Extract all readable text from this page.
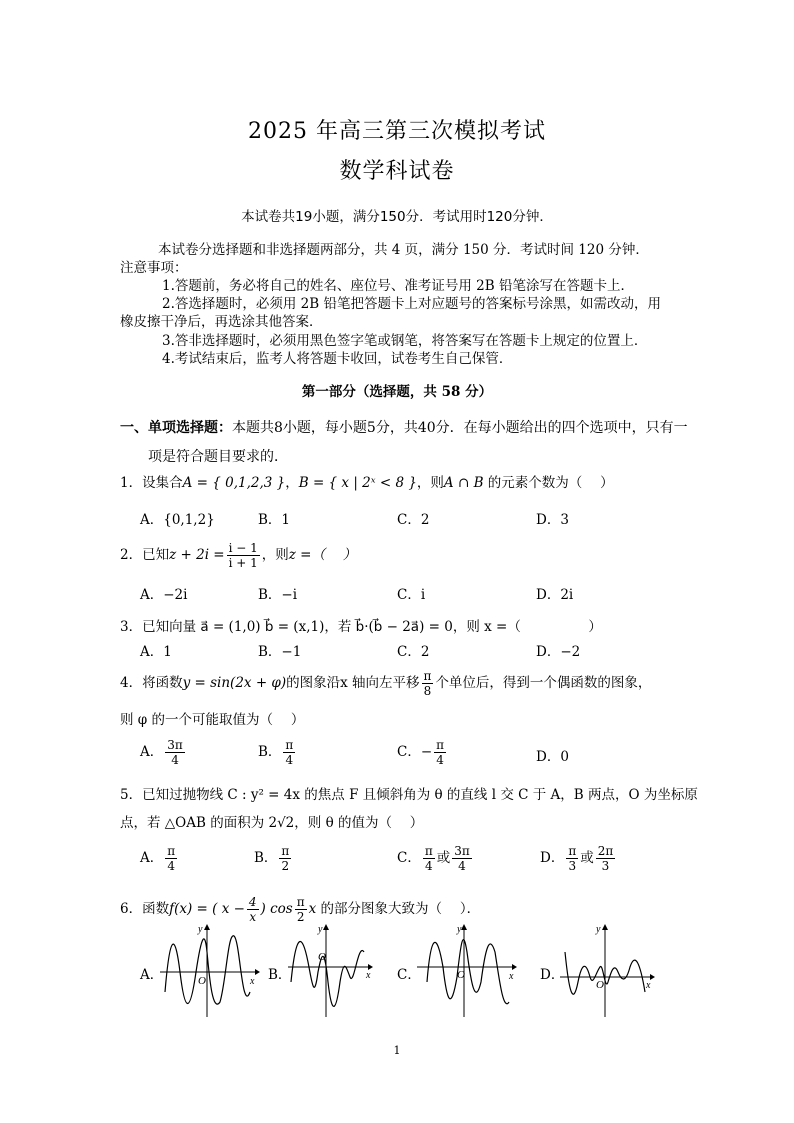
2025 年高三第三次模拟考试
数学科试卷
本试卷共19小题，满分150分．考试用时120分钟．
本试卷分选择题和非选择题两部分，共 4 页，满分 150 分．考试时间 120 分钟．
注意事项：
1.答题前，务必将自己的姓名、座位号、准考证号用 2B 铅笔涂写在答题卡上．
2.答选择题时，必须用 2B 铅笔把答题卡上对应题号的答案标号涂黑，如需改动，用
橡皮擦干净后，再选涂其他答案．
3.答非选择题时，必须用黑色签字笔或钢笔，将答案写在答题卡上规定的位置上．
4.考试结束后，监考人将答题卡收回，试卷考生自己保管．
第一部分（选择题，共 58 分）
一、单项选择题：本题共8小题，每小题5分，共40分．在每小题给出的四个选项中，只有一
项是符合题目要求的．
1．设集合A = { 0,1,2,3 }，B = { x | 2ˣ < 8 }，则A ∩ B 的元素个数为（　 ）
A．{0,1,2}	B．1	C．2	D．3
2．已知$z + 2i = \frac{i - 1}{i + 1}$ ，则z =（　 ）
A．−2i	B．−i	C．i	D．2i
3．已知向量 a⃗ = (1,0) b⃗ = (x,1)，若 b⃗·(b⃗ − 2a⃗) = 0，则 x =（　　　　　）
A．1	B．−1	C．2	D．−2
4．将函数y = sin(2x + φ)的图象沿x 轴向左平移 $\frac{\pi}{8}$ 个单位后，得到一个偶函数的图象，
则 φ 的一个可能取值为（　 ）
A． $\frac{3\pi}{4}$	B． $\frac{\pi}{4}$	C．− $\frac{\pi}{4}$	D．0
5．已知过抛物线 C : y² = 4x 的焦点 F 且倾斜角为 θ 的直线 l 交 C 于 A，B 两点，O 为坐标原
点，若 △OAB 的面积为 2√2，则 θ 的值为（　 ）
A． $\frac{\pi}{4}$	B． $\frac{\pi}{2}$	C． $\frac{\pi}{4}$ 或 $\frac{3\pi}{4}$	D． $\frac{\pi}{3}$ 或 $\frac{2\pi}{3}$
6．函数f(x) = ( $x - \frac{4}{x}$ ) $\cos \frac{\pi}{2}$ x 的部分图象大致为（　 ）．
A．	O	x
y
B．
O
x
y
C．	O	x
y
D．
O	x
y
1
